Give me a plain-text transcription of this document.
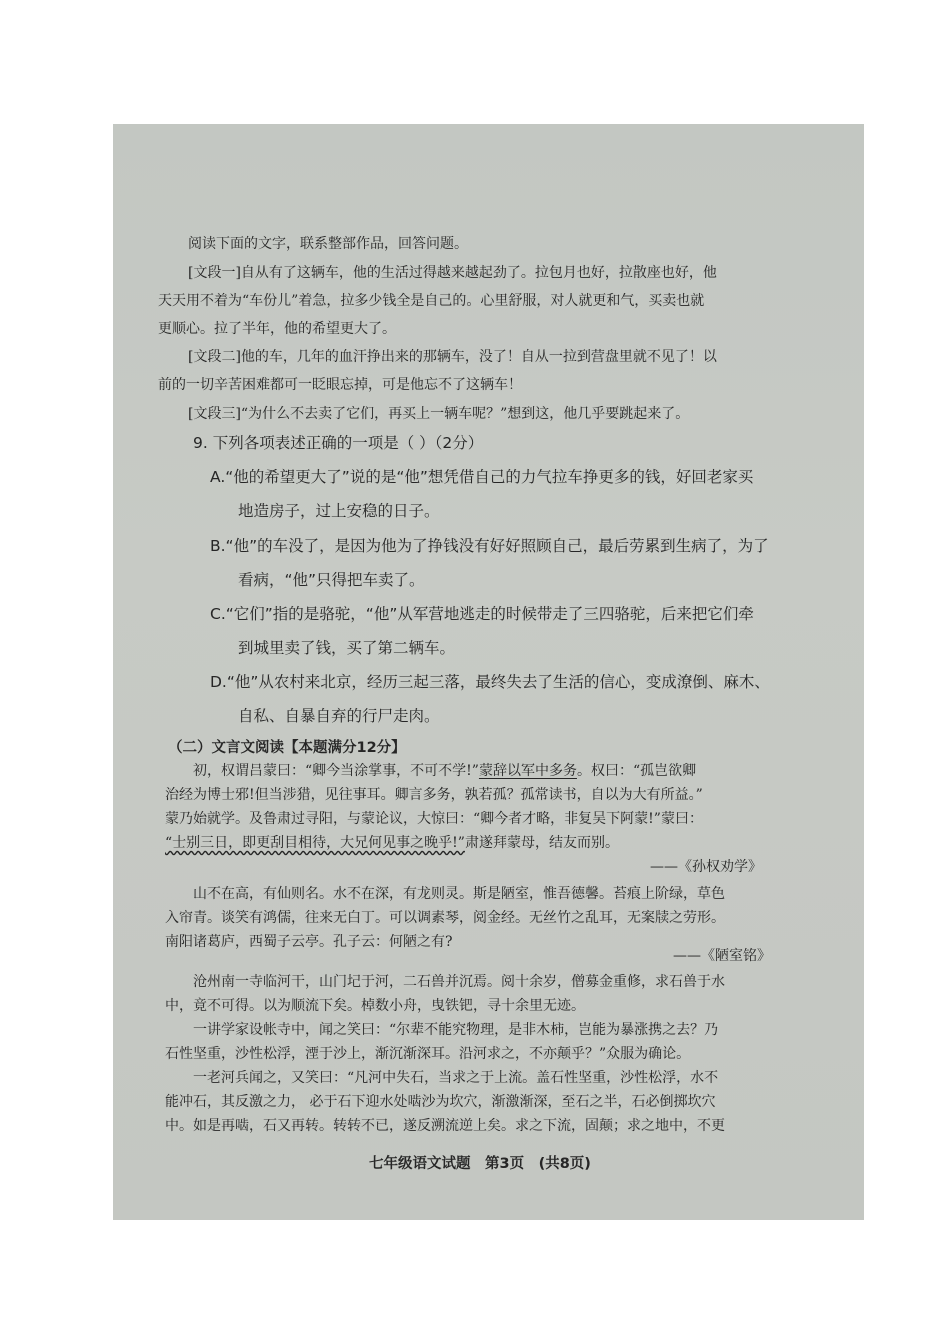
阅读下面的文字，联系整部作品，回答问题。
[文段一]自从有了这辆车，他的生活过得越来越起劲了。拉包月也好，拉散座也好，他
天天用不着为“车份儿”着急，拉多少钱全是自己的。心里舒服，对人就更和气，买卖也就
更顺心。拉了半年，他的希望更大了。
[文段二]他的车，几年的血汗挣出来的那辆车，没了！自从一拉到营盘里就不见了！以
前的一切辛苦困难都可一眨眼忘掉，可是他忘不了这辆车！
[文段三]“为什么不去卖了它们，再买上一辆车呢？”想到这，他几乎要跳起来了。
9. 下列各项表述正确的一项是（ ）（2分）
A.“他的希望更大了”说的是“他”想凭借自己的力气拉车挣更多的钱，好回老家买
地造房子，过上安稳的日子。
B.“他”的车没了，是因为他为了挣钱没有好好照顾自己，最后劳累到生病了，为了
看病，“他”只得把车卖了。
C.“它们”指的是骆驼，“他”从军营地逃走的时候带走了三四骆驼，后来把它们牵
到城里卖了钱，买了第二辆车。
D.“他”从农村来北京，经历三起三落，最终失去了生活的信心，变成潦倒、麻木、
自私、自暴自弃的行尸走肉。
（二）文言文阅读【本题满分12分】
初，权谓吕蒙曰：“卿今当涂掌事，不可不学!”蒙辞以军中多务。权曰：“孤岂欲卿
治经为博士邪!但当涉猎，见往事耳。卿言多务，孰若孤？孤常读书，自以为大有所益。”
蒙乃始就学。及鲁肃过寻阳，与蒙论议，大惊曰：“卿今者才略，非复吴下阿蒙!”蒙曰：
“士别三日，即更刮目相待，大兄何见事之晚乎!”肃遂拜蒙母，结友而别。
——《孙权劝学》
山不在高，有仙则名。水不在深，有龙则灵。斯是陋室，惟吾德馨。苔痕上阶绿，草色
入帘青。谈笑有鸿儒，往来无白丁。可以调素琴，阅金经。无丝竹之乱耳，无案牍之劳形。
南阳诸葛庐，西蜀子云亭。孔子云：何陋之有?
——《陋室铭》
沧州南一寺临河干，山门圮于河，二石兽并沉焉。阅十余岁，僧募金重修，求石兽于水
中，竟不可得。以为顺流下矣。棹数小舟，曳铁钯，寻十余里无迹。
一讲学家设帐寺中，闻之笑曰：“尔辈不能究物理，是非木柿，岂能为暴涨携之去？乃
石性坚重，沙性松浮，湮于沙上，渐沉渐深耳。沿河求之，不亦颠乎？”众服为确论。
一老河兵闻之，又笑曰：“凡河中失石，当求之于上流。盖石性坚重，沙性松浮，水不
能冲石，其反激之力， 必于石下迎水处啮沙为坎穴，渐激渐深，至石之半，石必倒掷坎穴
中。如是再啮，石又再转。转转不已，遂反溯流逆上矣。求之下流，固颠；求之地中，不更
七年级语文试题　第3页　(共8页)
